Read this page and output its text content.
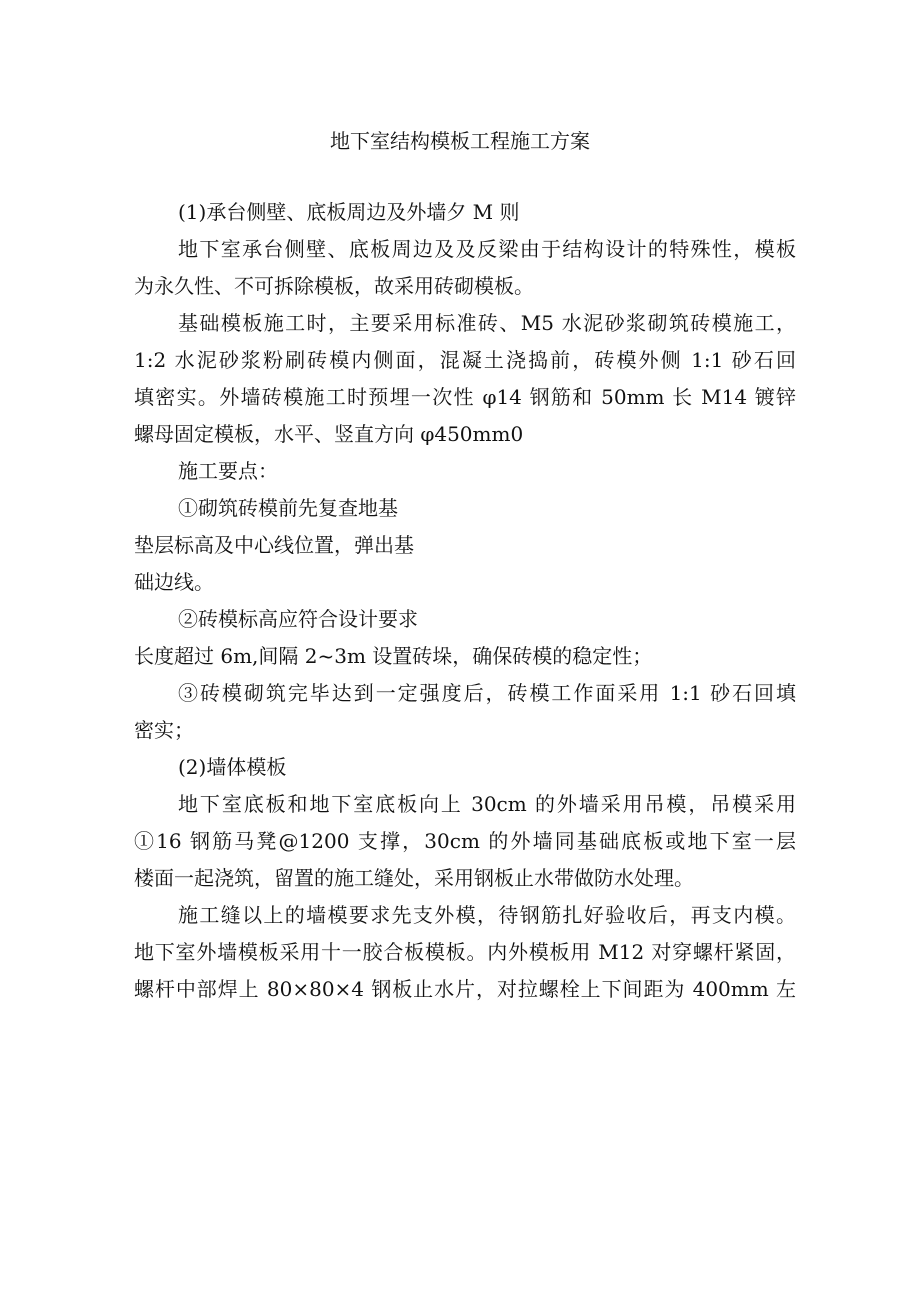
地下室结构模板工程施工方案
(1)承台侧壁、底板周边及外墙夕 M 则
地下室承台侧壁、底板周边及及反梁由于结构设计的特殊性，模板
为永久性、不可拆除模板，故采用砖砌模板。
基础模板施工时，主要采用标准砖、M5 水泥砂浆砌筑砖模施工，
1:2 水泥砂浆粉刷砖模内侧面，混凝土浇捣前，砖模外侧 1:1 砂石回
填密实。外墙砖模施工时预埋一次性 φ14 钢筋和 50mm 长 M14 镀锌
螺母固定模板，水平、竖直方向 φ450mm0
施工要点：
①砌筑砖模前先复查地基
垫层标高及中心线位置，弹出基
础边线。
②砖模标高应符合设计要求
长度超过 6m,间隔 2~3m 设置砖垛，确保砖模的稳定性；
③砖模砌筑完毕达到一定强度后，砖模工作面采用 1:1 砂石回填
密实；
(2)墙体模板
地下室底板和地下室底板向上 30cm 的外墙采用吊模，吊模采用
①16 钢筋马凳@1200 支撑，30cm 的外墙同基础底板或地下室一层
楼面一起浇筑，留置的施工缝处，采用钢板止水带做防水处理。
施工缝以上的墙模要求先支外模，待钢筋扎好验收后，再支内模。
地下室外墙模板采用十一胶合板模板。内外模板用 M12 对穿螺杆紧固，
螺杆中部焊上 80×80×4 钢板止水片，对拉螺栓上下间距为 400mm 左
